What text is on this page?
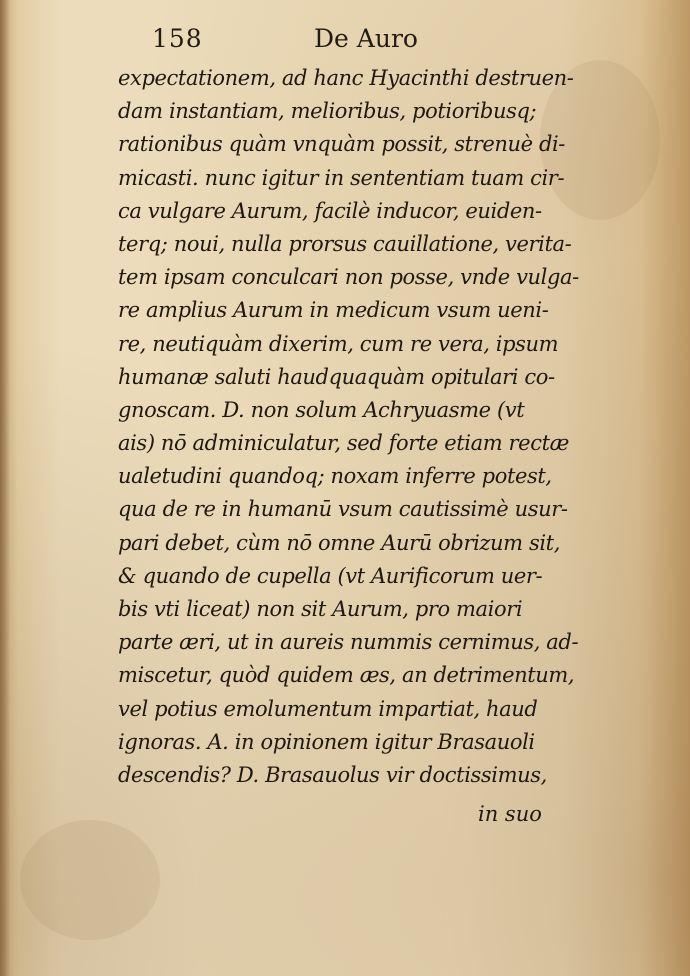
158	De Auro
expectationem, ad hanc Hyacinthi destruen-
dam instantiam, melioribus, potioribusq;
rationibus quàm vnquàm possit, strenuè di-
micasti. nunc igitur in sententiam tuam cir-
ca vulgare Aurum, facilè inducor, euiden-
terq; noui, nulla prorsus cauillatione, verita-
tem ipsam conculcari non posse, vnde vulga-
re amplius Aurum in medicum vsum ueni-
re, neutiquàm dixerim, cum re vera, ipsum
humanæ saluti haudquaquàm opitulari co-
gnoscam. D. non solum Achryuasme (vt
ais) nō adminiculatur, sed forte etiam rectæ
ualetudini quandoq; noxam inferre potest,
qua de re in humanū vsum cautissimè usur-
pari debet, cùm nō omne Aurū obrizum sit,
& quando de cupella (vt Aurificorum uer-
bis vti liceat) non sit Aurum, pro maiori
parte æri, ut in aureis nummis cernimus, ad-
miscetur, quòd quidem æs, an detrimentum,
vel potius emolumentum impartiat, haud
ignoras. A. in opinionem igitur Brasauoli
descendis? D. Brasauolus vir doctissimus,
in suo
